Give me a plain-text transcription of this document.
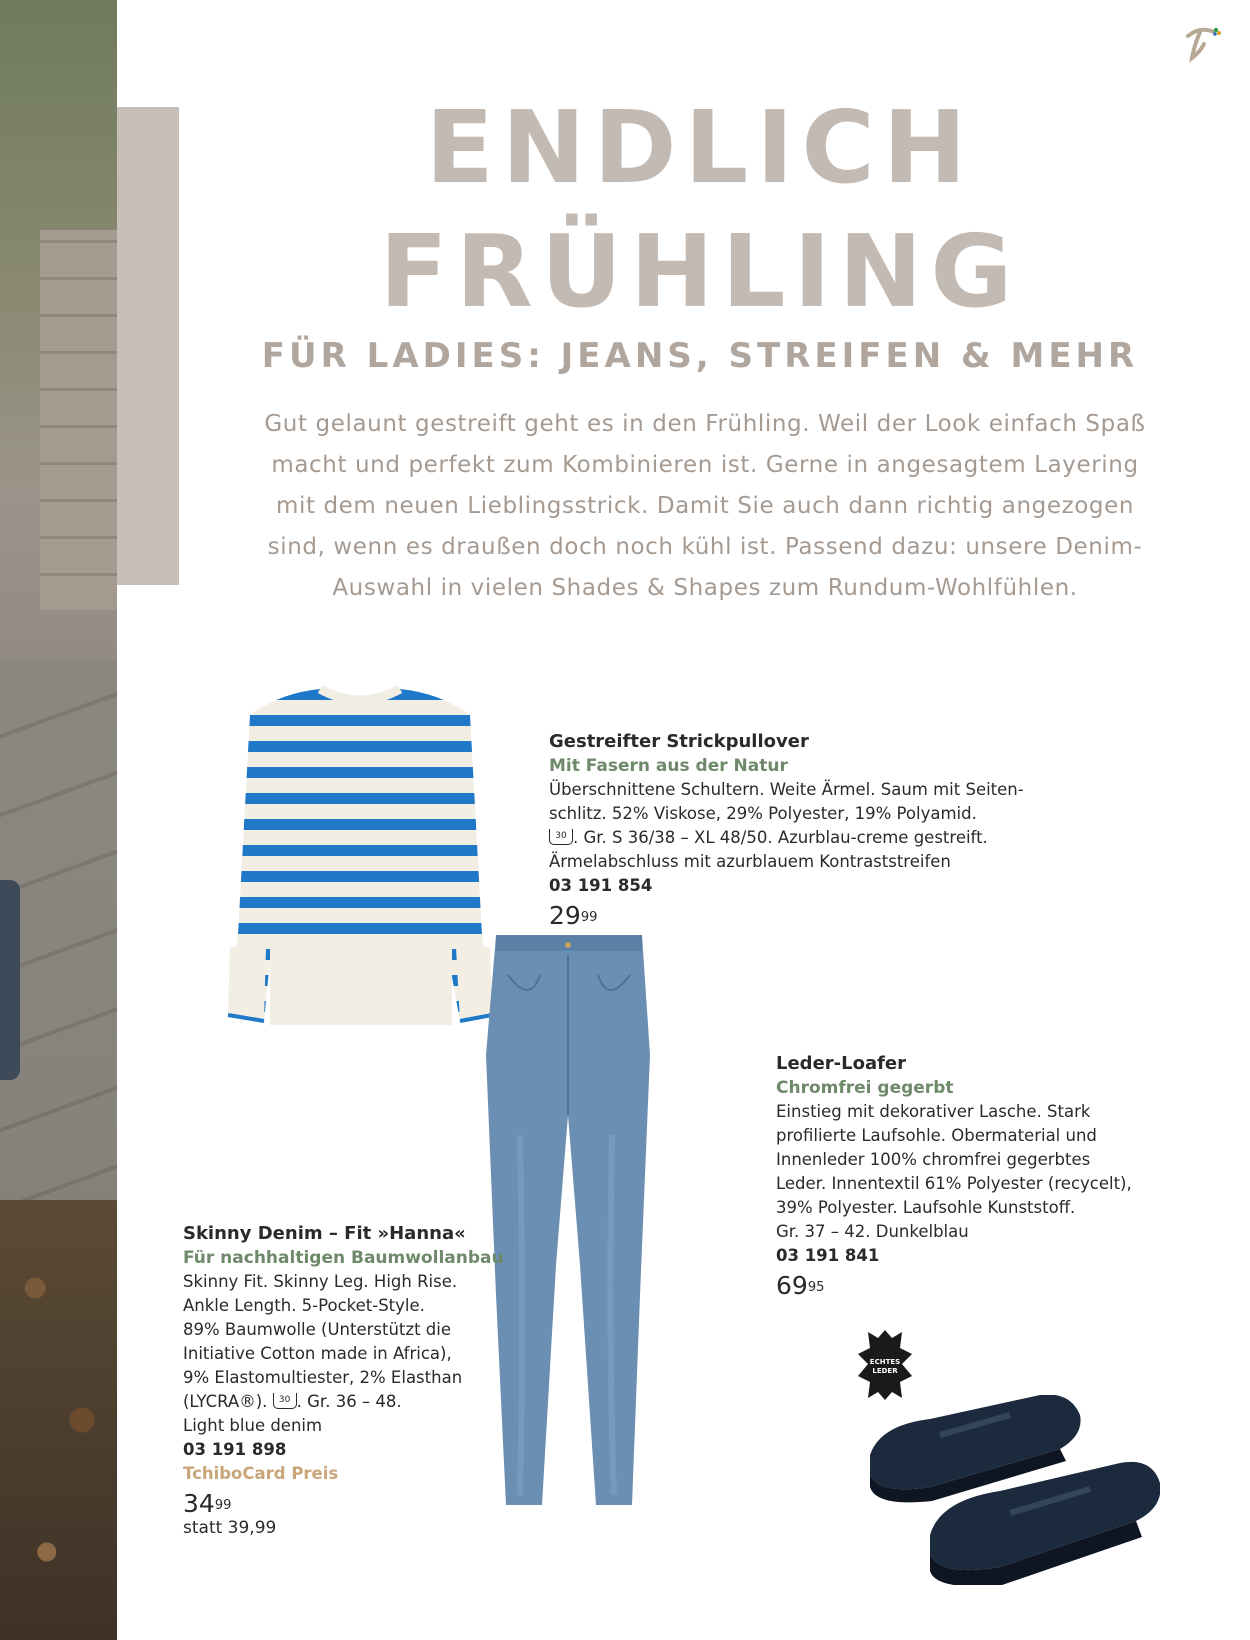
ENDLICH
FRÜHLING
FÜR LADIES: JEANS, STREIFEN & MEHR
Gut gelaunt gestreift geht es in den Frühling. Weil der Look einfach Spaß
macht und perfekt zum Kombinieren ist. Gerne in angesagtem Layering
mit dem neuen Lieblingsstrick. Damit Sie auch dann richtig angezogen
sind, wenn es draußen doch noch kühl ist. Passend dazu: unsere Denim-
Auswahl in vielen Shades & Shapes zum Rundum-Wohlfühlen.
ECHTES
LEDER

Gestreifter Strickpullover

Mit Fasern aus der Natur

Überschnittene Schultern. Weite Ärmel. Saum mit Seiten-

schlitz. 52% Viskose, 29% Polyester, 19% Polyamid.

30 . Gr. S 36/38 – XL 48/50. Azurblau-creme gestreift.

Ärmelabschluss mit azurblauem Kontraststreifen

03 191 854

$29^{99}$

Leder-Loafer

Chromfrei gegerbt

Einstieg mit dekorativer Lasche. Stark

profilierte Laufsohle. Obermaterial und

Innenleder 100% chromfrei gegerbtes

Leder. Innentextil 61% Polyester (recycelt),

39% Polyester. Laufsohle Kunststoff.

Gr. 37 – 42. Dunkelblau

03 191 841

$69^{95}$

Skinny Denim – Fit »Hanna«

Für nachhaltigen Baumwollanbau

Skinny Fit. Skinny Leg. High Rise.

Ankle Length. 5-Pocket-Style.

89% Baumwolle (Unterstützt die

Initiative Cotton made in Africa),

9% Elastomultiester, 2% Elasthan

(LYCRA®). 30 . Gr. 36 – 48.

Light blue denim

03 191 898

TchiboCard Preis

$34^{99}$

statt 39,99
